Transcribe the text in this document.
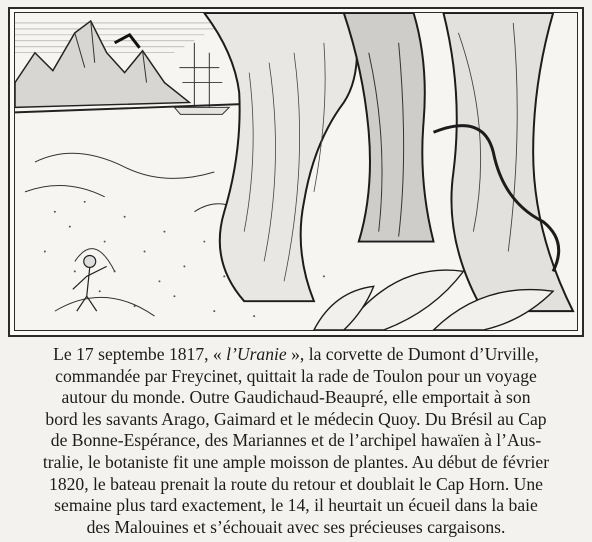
Le 17 septembe 1817, « l’Uranie », la corvette de Dumont d’Urville,
commandée par Freycinet, quittait la rade de Toulon pour un voyage
autour du monde. Outre Gaudichaud-Beaupré, elle emportait à son
bord les savants Arago, Gaimard et le médecin Quoy. Du Brésil au Cap
de Bonne-Espérance, des Mariannes et de l’archipel hawaïen à l’Aus-
tralie, le botaniste fit une ample moisson de plantes. Au début de février
1820, le bateau prenait la route du retour et doublait le Cap Horn. Une
semaine plus tard exactement, le 14, il heurtait un écueil dans la baie
des Malouines et s’échouait avec ses précieuses cargaisons.
